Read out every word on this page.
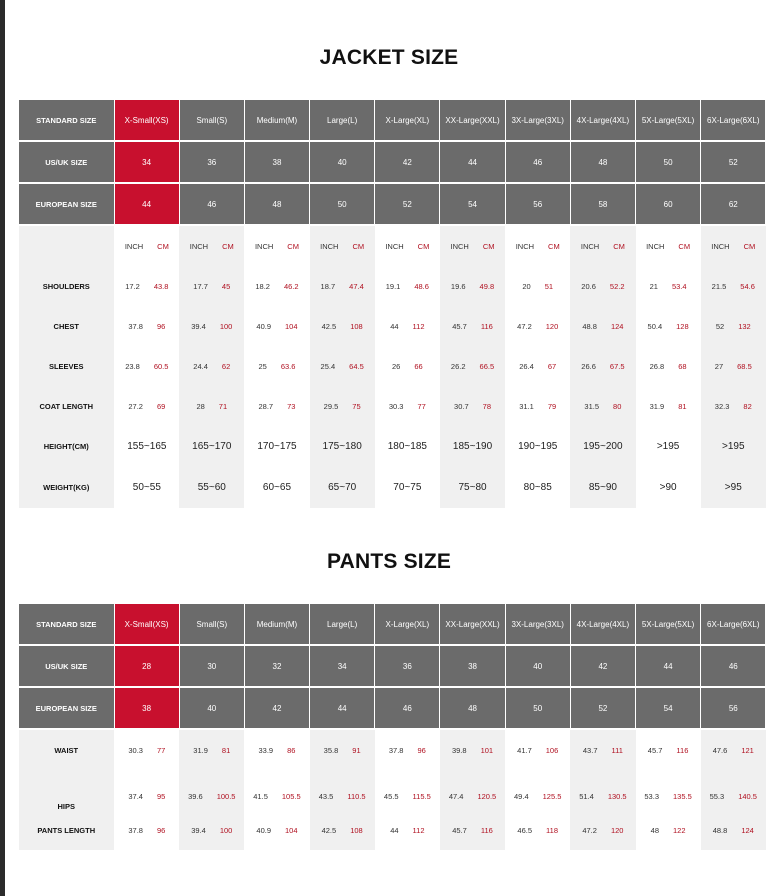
JACKET SIZE
STANDARD SIZE	X-Small(XS)	Small(S)	Medium(M)	Large(L)	X-Large(XL)	XX-Large(XXL)	3X-Large(3XL)	4X-Large(4XL)	5X-Large(5XL)	6X-Large(6XL)
US/UK SIZE	34	36	38	40	42	44	46	48	50	52
EUROPEAN SIZE	44	46	48	50	52	54	56	58	60	62

	INCH CM	INCH CM	INCH CM	INCH CM	INCH CM	INCH CM	INCH CM	INCH CM	INCH CM	INCH CM

SHOULDERS	17.2 43.8	17.7 45	18.2 46.2	18.7 47.4	19.1 48.6	19.6 49.8	20 51	20.6 52.2	21 53.4	21.5 54.6

CHEST	37.8 96	39.4 100	40.9 104	42.5 108	44 112	45.7 116	47.2 120	48.8 124	50.4 128	52 132

SLEEVES	23.8 60.5	24.4 62	25 63.6	25.4 64.5	26 66	26.2 66.5	26.4 67	26.6 67.5	26.8 68	27 68.5

COAT LENGTH	27.2 69	28 71	28.7 73	29.5 75	30.3 77	30.7 78	31.1 79	31.5 80	31.9 81	32.3 82

HEIGHT(CM)	155~165	165~170	170~175	175~180	180~185	185~190	190~195	195~200	>195	>195
WEIGHT(KG)	50~55	55~60	60~65	65~70	70~75	75~80	80~85	85~90	>90	>95
PANTS SIZE
STANDARD SIZE	X-Small(XS)	Small(S)	Medium(M)	Large(L)	X-Large(XL)	XX-Large(XXL)	3X-Large(3XL)	4X-Large(4XL)	5X-Large(5XL)	6X-Large(6XL)
US/UK SIZE	28	30	32	34	36	38	40	42	44	46
EUROPEAN SIZE	38	40	42	44	46	48	50	52	54	56
WAIST	30.3 77	31.9 81	33.9 86	35.8 91	37.8 96	39.8 101	41.7 106	43.7 111	45.7 116	47.6 121

HIPS	37.4 95	39.6 100.5	41.5 105.5	43.5 110.5	45.5 115.5	47.4 120.5	49.4 125.5	51.4 130.5	53.3 135.5	55.3 140.5

PANTS LENGTH	37.8 96	39.4 100	40.9 104	42.5 108	44 112	45.7 116	46.5 118	47.2 120	48 122	48.8 124
